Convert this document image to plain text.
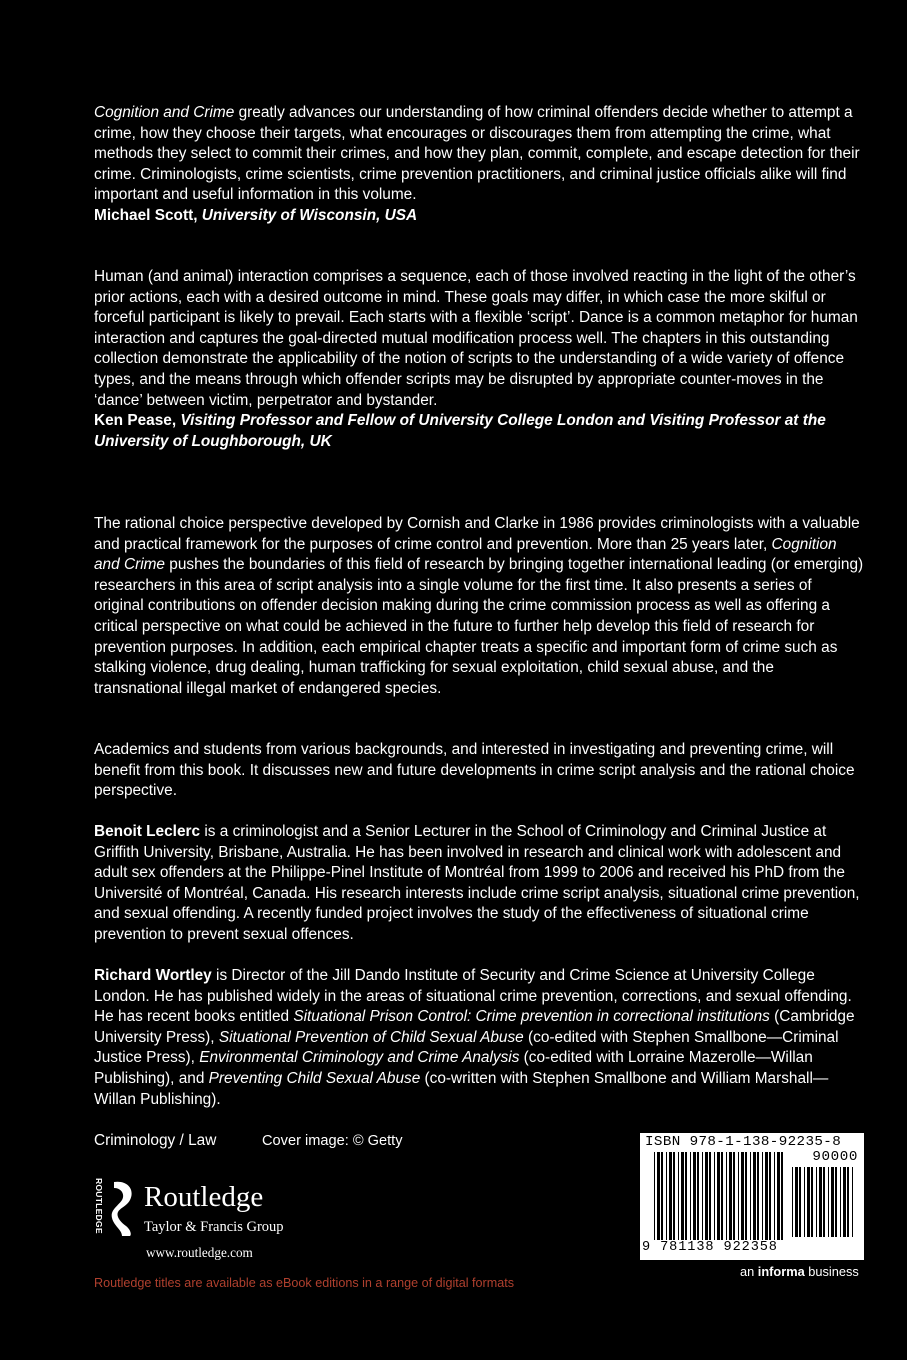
Cognition and Crime greatly advances our understanding of how criminal offenders decide whether to attempt a crime, how they choose their targets, what encourages or discourages them from attempting the crime, what methods they select to commit their crimes, and how they plan, commit, complete, and escape detection for their crime. Criminologists, crime scientists, crime prevention practitioners, and criminal justice officials alike will find important and useful information in this volume.
Michael Scott, University of Wisconsin, USA

Human (and animal) interaction comprises a sequence, each of those involved reacting in the light of the other’s prior actions, each with a desired outcome in mind. These goals may differ, in which case the more skilful or forceful participant is likely to prevail. Each starts with a flexible ‘script’. Dance is a common metaphor for human interaction and captures the goal-directed mutual modification process well. The chapters in this outstanding collection demonstrate the applicability of the notion of scripts to the understanding of a wide variety of offence types, and the means through which offender scripts may be disrupted by appropriate counter-moves in the ‘dance’ between victim, perpetrator and bystander.
Ken Pease, Visiting Professor and Fellow of University College London and Visiting Professor at the University of Loughborough, UK

The rational choice perspective developed by Cornish and Clarke in 1986 provides criminologists with a valuable and practical framework for the purposes of crime control and prevention. More than 25 years later, Cognition and Crime pushes the boundaries of this field of research by bringing together international leading (or emerging) researchers in this area of script analysis into a single volume for the first time. It also presents a series of original contributions on offender decision making during the crime commission process as well as offering a critical perspective on what could be achieved in the future to further help develop this field of research for prevention purposes. In addition, each empirical chapter treats a specific and important form of crime such as stalking violence, drug dealing, human trafficking for sexual exploitation, child sexual abuse, and the transnational illegal market of endangered species.

Academics and students from various backgrounds, and interested in investigating and preventing crime, will benefit from this book. It discusses new and future developments in crime script analysis and the rational choice perspective.

Benoit Leclerc is a criminologist and a Senior Lecturer in the School of Criminology and Criminal Justice at Griffith University, Brisbane, Australia. He has been involved in research and clinical work with adolescent and adult sex offenders at the Philippe-Pinel Institute of Montréal from 1999 to 2006 and received his PhD from the Université of Montréal, Canada. His research interests include crime script analysis, situational crime prevention, and sexual offending. A recently funded project involves the study of the effectiveness of situational crime prevention to prevent sexual offences.

Richard Wortley is Director of the Jill Dando Institute of Security and Crime Science at University College London. He has published widely in the areas of situational crime prevention, corrections, and sexual offending. He has recent books entitled Situational Prison Control: Crime prevention in correctional institutions (Cambridge University Press), Situational Prevention of Child Sexual Abuse (co-edited with Stephen Smallbone—Criminal Justice Press), Environmental Criminology and Crime Analysis (co-edited with Lorraine Mazerolle—Willan Publishing), and Preventing Child Sexual Abuse (co-written with Stephen Smallbone and William Marshall—Willan Publishing).

Criminology / Law	Cover image: © Getty
ROUTLEDGE Routledge
Taylor & Francis Group
www.routledge.com
Routledge titles are available as eBook editions in a range of digital formats
ISBN 978-1-138-92235-8
90000
9 781138 922358
an informa business
